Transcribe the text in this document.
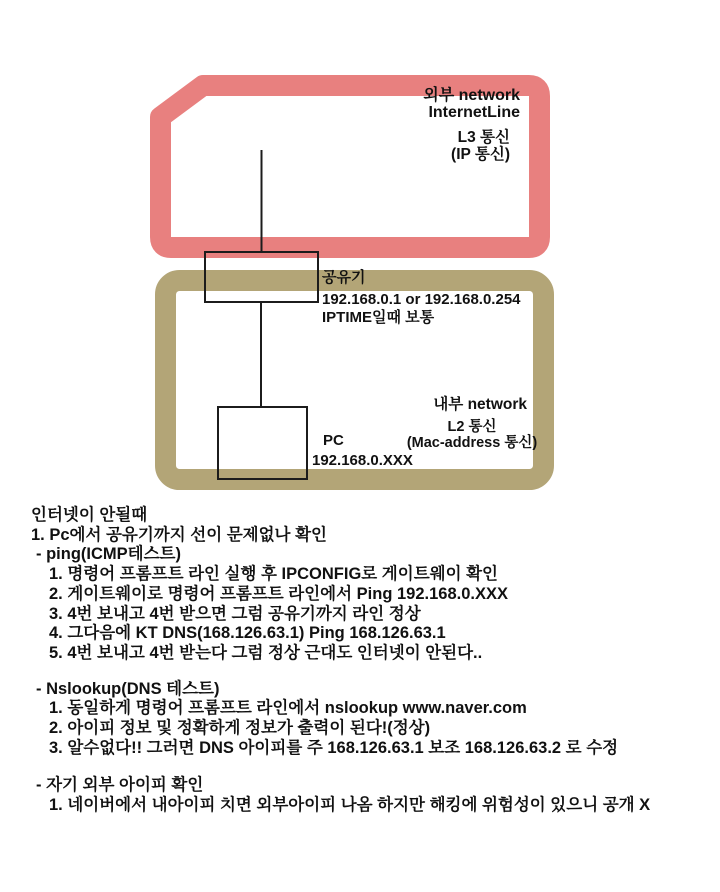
외부 network
InternetLine
L3 통신
(IP 통신)
공유기
192.168.0.1 or 192.168.0.254
IPTIME일때 보통
PC
192.168.0.XXX
내부 network
L2 통신
(Mac-address 통신)
인터넷이 안될때
1. Pc에서 공유기까지 선이 문제없나 확인
- ping(ICMP테스트)
1. 명령어 프롬프트 라인 실행 후 IPCONFIG로 게이트웨이 확인
2. 게이트웨이로 명령어 프롬프트 라인에서 Ping 192.168.0.XXX
3. 4번 보내고 4번 받으면 그럼 공유기까지 라인 정상
4. 그다음에 KT DNS(168.126.63.1) Ping 168.126.63.1
5. 4번 보내고 4번 받는다 그럼 정상 근대도 인터넷이 안된다..
- Nslookup(DNS 테스트)
1. 동일하게 명령어 프롬프트 라인에서 nslookup www.naver.com
2. 아이피 정보 및 정확하게 정보가 출력이 된다!(정상)
3. 알수없다!! 그러면 DNS 아이피를 주 168.126.63.1 보조 168.126.63.2 로 수정
- 자기 외부 아이피 확인
1. 네이버에서 내아이피 치면 외부아이피 나옴 하지만 해킹에 위험성이 있으니 공개 X
